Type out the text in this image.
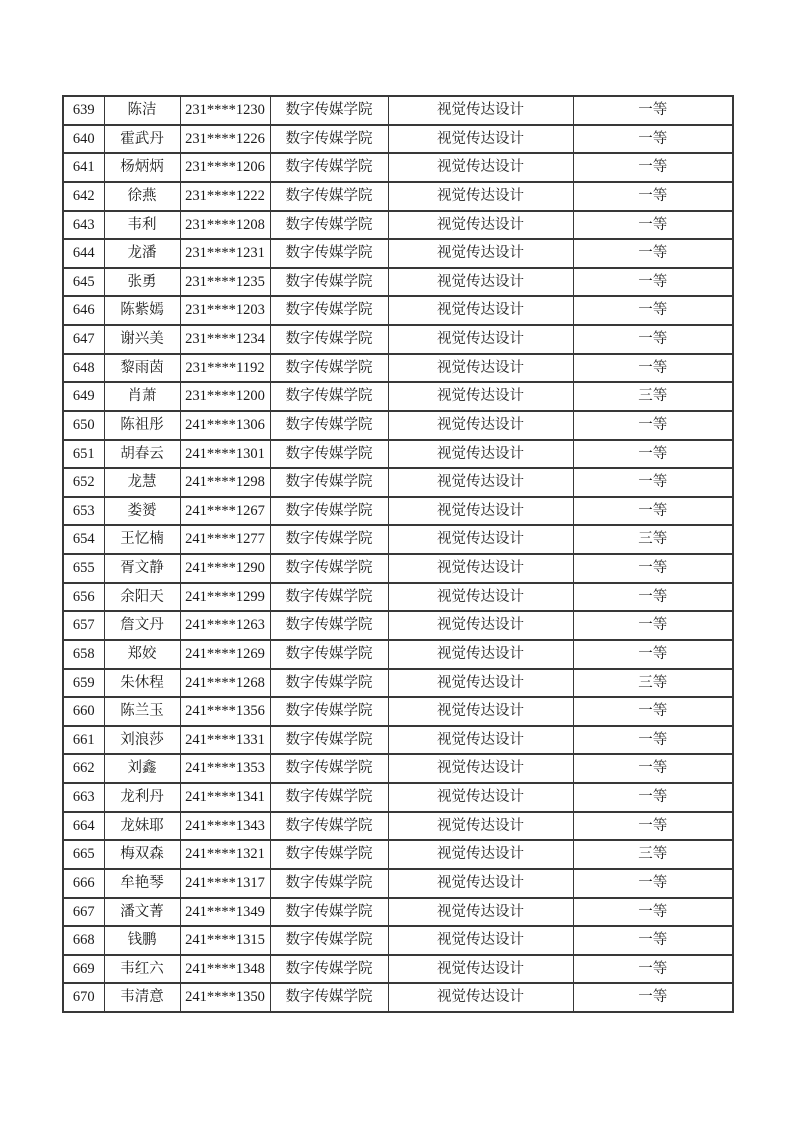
639	陈洁	231****1230	数字传媒学院	视觉传达设计	一等
640	霍武丹	231****1226	数字传媒学院	视觉传达设计	一等
641	杨炳炳	231****1206	数字传媒学院	视觉传达设计	一等
642	徐燕	231****1222	数字传媒学院	视觉传达设计	一等
643	韦利	231****1208	数字传媒学院	视觉传达设计	一等
644	龙潘	231****1231	数字传媒学院	视觉传达设计	一等
645	张勇	231****1235	数字传媒学院	视觉传达设计	一等
646	陈紫嫣	231****1203	数字传媒学院	视觉传达设计	一等
647	谢兴美	231****1234	数字传媒学院	视觉传达设计	一等
648	黎雨茵	231****1192	数字传媒学院	视觉传达设计	一等
649	肖萧	231****1200	数字传媒学院	视觉传达设计	三等
650	陈祖彤	241****1306	数字传媒学院	视觉传达设计	一等
651	胡春云	241****1301	数字传媒学院	视觉传达设计	一等
652	龙慧	241****1298	数字传媒学院	视觉传达设计	一等
653	娄赟	241****1267	数字传媒学院	视觉传达设计	一等
654	王忆楠	241****1277	数字传媒学院	视觉传达设计	三等
655	胥文静	241****1290	数字传媒学院	视觉传达设计	一等
656	余阳天	241****1299	数字传媒学院	视觉传达设计	一等
657	詹文丹	241****1263	数字传媒学院	视觉传达设计	一等
658	郑姣	241****1269	数字传媒学院	视觉传达设计	一等
659	朱休程	241****1268	数字传媒学院	视觉传达设计	三等
660	陈兰玉	241****1356	数字传媒学院	视觉传达设计	一等
661	刘浪莎	241****1331	数字传媒学院	视觉传达设计	一等
662	刘鑫	241****1353	数字传媒学院	视觉传达设计	一等
663	龙利丹	241****1341	数字传媒学院	视觉传达设计	一等
664	龙妹耶	241****1343	数字传媒学院	视觉传达设计	一等
665	梅双森	241****1321	数字传媒学院	视觉传达设计	三等
666	牟艳琴	241****1317	数字传媒学院	视觉传达设计	一等
667	潘文菁	241****1349	数字传媒学院	视觉传达设计	一等
668	钱鹏	241****1315	数字传媒学院	视觉传达设计	一等
669	韦红六	241****1348	数字传媒学院	视觉传达设计	一等
670	韦清意	241****1350	数字传媒学院	视觉传达设计	一等
